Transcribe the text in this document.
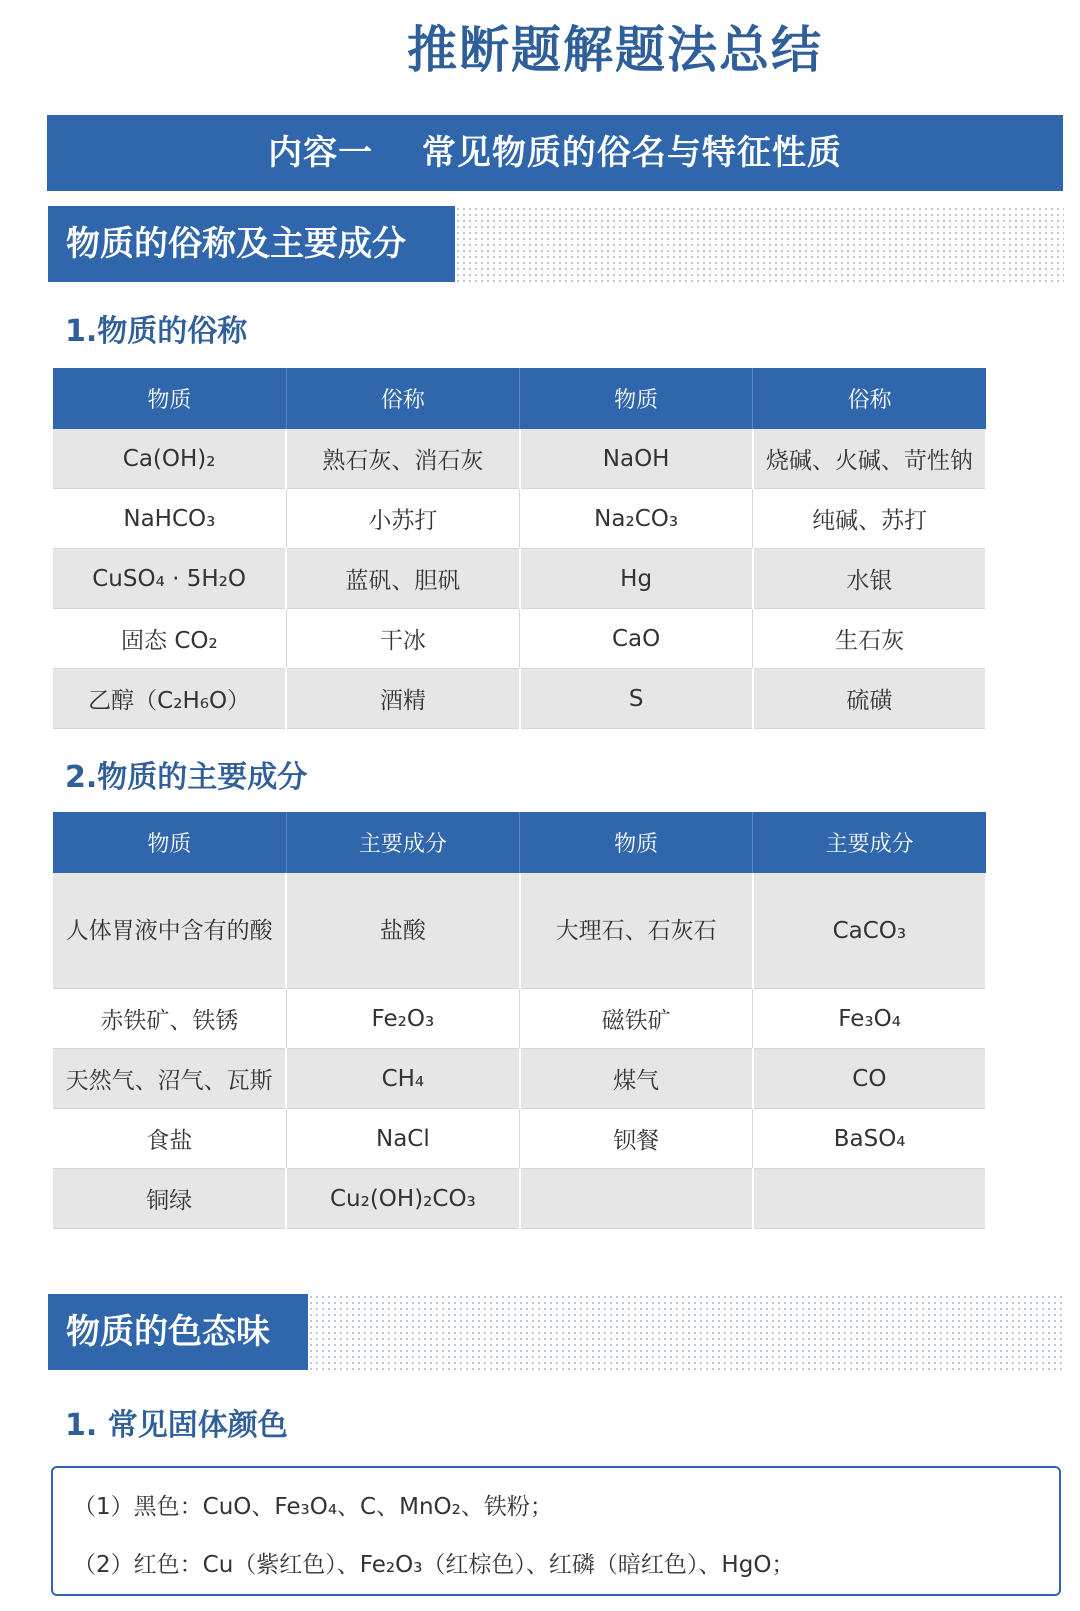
推断题解题法总结
内容一 常见物质的俗名与特征性质
物质的俗称及主要成分
1.物质的俗称
物质	俗称	物质	俗称
Ca(OH)₂	熟石灰、消石灰	NaOH	烧碱、火碱、苛性钠
NaHCO₃	小苏打	Na₂CO₃	纯碱、苏打
CuSO₄ · 5H₂O	蓝矾、胆矾	Hg	水银
固态 CO₂	干冰	CaO	生石灰
乙醇（C₂H₆O）	酒精	S	硫磺
2.物质的主要成分
物质	主要成分	物质	主要成分
人体胃液中含有的酸	盐酸	大理石、石灰石	CaCO₃
赤铁矿、铁锈	Fe₂O₃	磁铁矿	Fe₃O₄
天然气、沼气、瓦斯	CH₄	煤气	CO
食盐	NaCl	钡餐	BaSO₄
铜绿	Cu₂(OH)₂CO₃		
物质的色态味
1. 常见固体颜色

（1）黑色：CuO、Fe₃O₄、C、MnO₂、铁粉；

（2）红色：Cu（紫红色）、Fe₂O₃（红棕色）、红磷（暗红色）、HgO；
